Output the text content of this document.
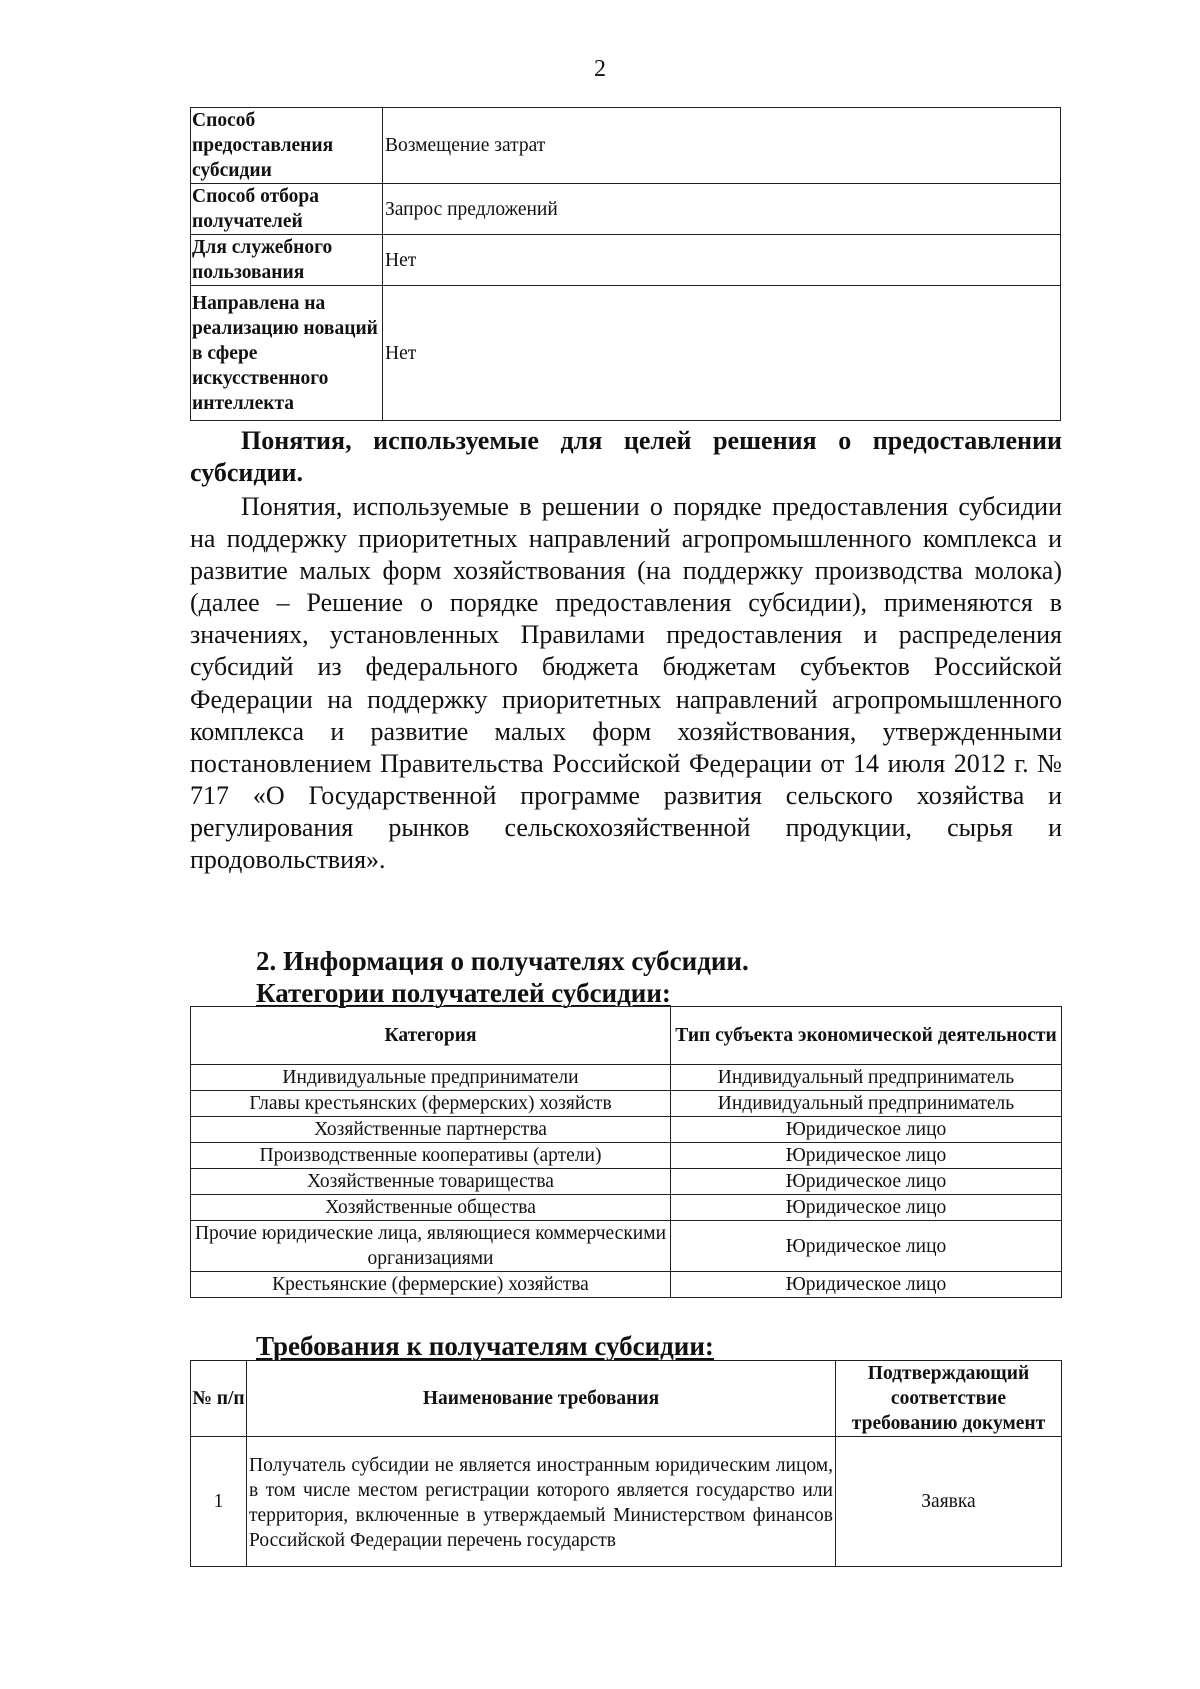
2
Способ предоставления субсидии	Возмещение затрат
Способ отбора получателей	Запрос предложений
Для служебного пользования	Нет
Направлена на реализацию новаций в сфере искусственного интеллекта	Нет
Понятия, используемые для целей решения о предоставлении субсидии.
Понятия, используемые в решении о порядке предоставления субсидии на поддержку приоритетных направлений агропромышленного комплекса и развитие малых форм хозяйствования (на поддержку производства молока) (далее – Решение о порядке предоставления субсидии), применяются в значениях, установленных Правилами предоставления и распределения субсидий из федерального бюджета бюджетам субъектов Российской Федерации на поддержку приоритетных направлений агропромышленного комплекса и развитие малых форм хозяйствования, утвержденными постановлением Правительства Российской Федерации от 14 июля 2012 г. № 717 «О Государственной программе развития сельского хозяйства и регулирования рынков сельскохозяйственной продукции, сырья и продовольствия».
2. Информация о получателях субсидии.
Категории получателей субсидии:
Категория	Тип субъекта экономической деятельности
Индивидуальные предприниматели	Индивидуальный предприниматель
Главы крестьянских (фермерских) хозяйств	Индивидуальный предприниматель
Хозяйственные партнерства	Юридическое лицо
Производственные кооперативы (артели)	Юридическое лицо
Хозяйственные товарищества	Юридическое лицо
Хозяйственные общества	Юридическое лицо
Прочие юридические лица, являющиеся коммерческими организациями	Юридическое лицо
Крестьянские (фермерские) хозяйства	Юридическое лицо
Требования к получателям субсидии:
№ п/п	Наименование требования	Подтверждающий соответствие требованию документ
1	Получатель субсидии не является иностранным юридическим лицом, в том числе местом регистрации которого является государство или территория, включенные в утверждаемый Министерством финансов Российской Федерации перечень государств	Заявка
